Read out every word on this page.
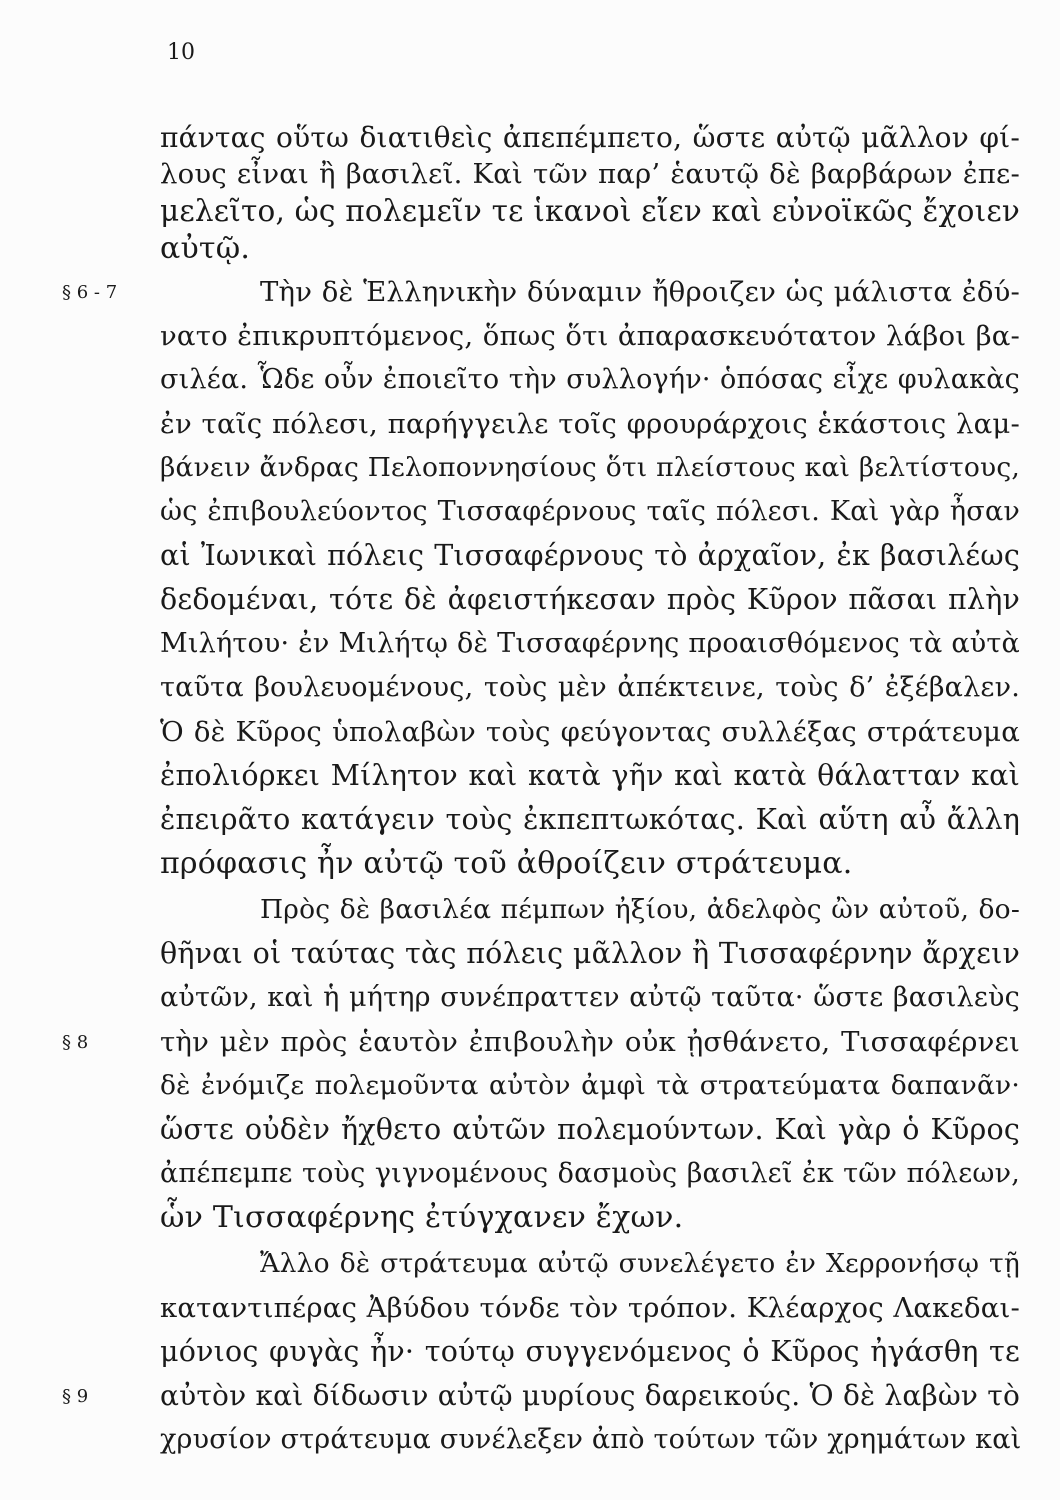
10
πάντας οὕτω διατιθεὶς ἀπεπέμπετο, ὥστε αὐτῷ μᾶλλον φί-
λους εἶναι ἢ βασιλεῖ. Καὶ τῶν παρ’ ἑαυτῷ δὲ βαρβάρων ἐπε-
μελεῖτο, ὡς πολεμεῖν τε ἱκανοὶ εἴεν καὶ εὐνοϊκῶς ἔχοιεν
αὐτῷ.
Τὴν δὲ Ἑλληνικὴν δύναμιν ἤθροιζεν ὡς μάλιστα ἐδύ-
νατο ἐπικρυπτόμενος, ὅπως ὅτι ἀπαρασκευότατον λάβοι βα-
σιλέα. Ὧδε οὖν ἐποιεῖτο τὴν συλλογήν· ὁπόσας εἶχε φυλακὰς
ἐν ταῖς πόλεσι, παρήγγειλε τοῖς φρουράρχοις ἑκάστοις λαμ-
βάνειν ἄνδρας Πελοποννησίους ὅτι πλείστους καὶ βελτίστους,
ὡς ἐπιβουλεύοντος Τισσαφέρνους ταῖς πόλεσι. Καὶ γὰρ ἦσαν
αἱ Ἰωνικαὶ πόλεις Τισσαφέρνους τὸ ἀρχαῖον, ἐκ βασιλέως
δεδομέναι, τότε δὲ ἀφειστήκεσαν πρὸς Κῦρον πᾶσαι πλὴν
Μιλήτου· ἐν Μιλήτῳ δὲ Τισσαφέρνης προαισθόμενος τὰ αὐτὰ
ταῦτα βουλευομένους, τοὺς μὲν ἀπέκτεινε, τοὺς δ’ ἐξέβαλεν.
Ὁ δὲ Κῦρος ὑπολαβὼν τοὺς φεύγοντας συλλέξας στράτευμα
ἐπολιόρκει Μίλητον καὶ κατὰ γῆν καὶ κατὰ θάλατταν καὶ
ἐπειρᾶτο κατάγειν τοὺς ἐκπεπτωκότας. Καὶ αὕτη αὖ ἄλλη
πρόφασις ἦν αὐτῷ τοῦ ἀθροίζειν στράτευμα.
Πρὸς δὲ βασιλέα πέμπων ἠξίου, ἀδελφὸς ὢν αὐτοῦ, δο-
θῆναι οἱ ταύτας τὰς πόλεις μᾶλλον ἢ Τισσαφέρνην ἄρχειν
αὐτῶν, καὶ ἡ μήτηρ συνέπραττεν αὐτῷ ταῦτα· ὥστε βασιλεὺς
τὴν μὲν πρὸς ἑαυτὸν ἐπιβουλὴν οὐκ ᾐσθάνετο, Τισσαφέρνει
δὲ ἐνόμιζε πολεμοῦντα αὐτὸν ἀμφὶ τὰ στρατεύματα δαπανᾶν·
ὥστε οὐδὲν ἤχθετο αὐτῶν πολεμούντων. Καὶ γὰρ ὁ Κῦρος
ἀπέπεμπε τοὺς γιγνομένους δασμοὺς βασιλεῖ ἐκ τῶν πόλεων,
ὧν Τισσαφέρνης ἐτύγχανεν ἔχων.
Ἄλλο δὲ στράτευμα αὐτῷ συνελέγετο ἐν Χερρονήσῳ τῇ
καταντιπέρας Ἀβύδου τόνδε τὸν τρόπον. Κλέαρχος Λακεδαι-
μόνιος φυγὰς ἦν· τούτῳ συγγενόμενος ὁ Κῦρος ἠγάσθη τε
αὐτὸν καὶ δίδωσιν αὐτῷ μυρίους δαρεικούς. Ὁ δὲ λαβὼν τὸ
χρυσίον στράτευμα συνέλεξεν ἀπὸ τούτων τῶν χρημάτων καὶ
§ 6 - 7
§ 8
§ 9
